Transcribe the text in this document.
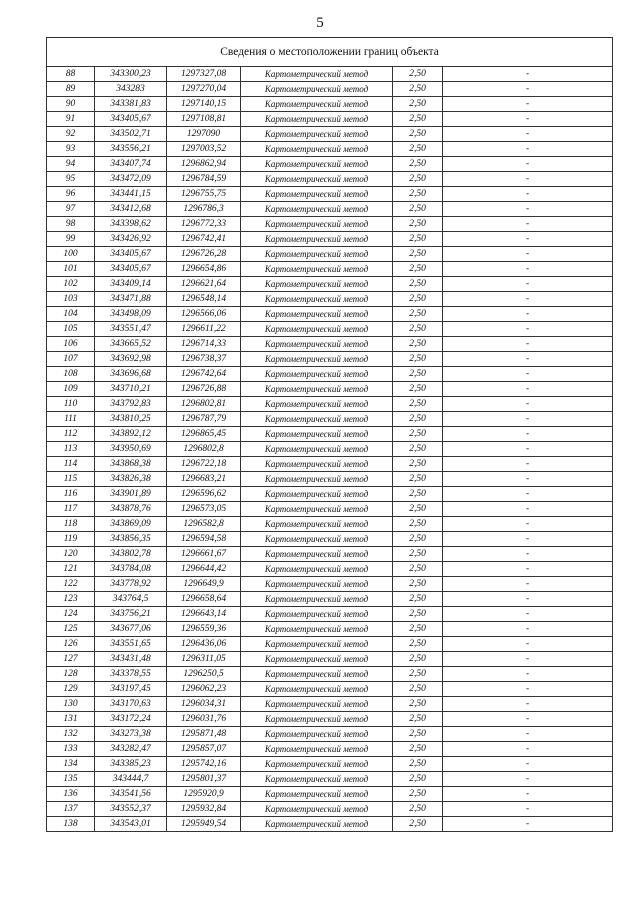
5
Сведения о местоположении границ объекта					
88	343300,23	1297327,08	Картометрический метод	2,50	-
89	343283	1297270,04	Картометрический метод	2,50	-
90	343381,83	1297140,15	Картометрический метод	2,50	-
91	343405,67	1297108,81	Картометрический метод	2,50	-
92	343502,71	1297090	Картометрический метод	2,50	-
93	343556,21	1297003,52	Картометрический метод	2,50	-
94	343407,74	1296862,94	Картометрический метод	2,50	-
95	343472,09	1296784,59	Картометрический метод	2,50	-
96	343441,15	1296755,75	Картометрический метод	2,50	-
97	343412,68	1296786,3	Картометрический метод	2,50	-
98	343398,62	1296772,33	Картометрический метод	2,50	-
99	343426,92	1296742,41	Картометрический метод	2,50	-
100	343405,67	1296726,28	Картометрический метод	2,50	-
101	343405,67	1296654,86	Картометрический метод	2,50	-
102	343409,14	1296621,64	Картометрический метод	2,50	-
103	343471,88	1296548,14	Картометрический метод	2,50	-
104	343498,09	1296566,06	Картометрический метод	2,50	-
105	343551,47	1296611,22	Картометрический метод	2,50	-
106	343665,52	1296714,33	Картометрический метод	2,50	-
107	343692,98	1296738,37	Картометрический метод	2,50	-
108	343696,68	1296742,64	Картометрический метод	2,50	-
109	343710,21	1296726,88	Картометрический метод	2,50	-
110	343792,83	1296802,81	Картометрический метод	2,50	-
111	343810,25	1296787,79	Картометрический метод	2,50	-
112	343892,12	1296865,45	Картометрический метод	2,50	-
113	343950,69	1296802,8	Картометрический метод	2,50	-
114	343868,38	1296722,18	Картометрический метод	2,50	-
115	343826,38	1296683,21	Картометрический метод	2,50	-
116	343901,89	1296596,62	Картометрический метод	2,50	-
117	343878,76	1296573,05	Картометрический метод	2,50	-
118	343869,09	1296582,8	Картометрический метод	2,50	-
119	343856,35	1296594,58	Картометрический метод	2,50	-
120	343802,78	1296661,67	Картометрический метод	2,50	-
121	343784,08	1296644,42	Картометрический метод	2,50	-
122	343778,92	1296649,9	Картометрический метод	2,50	-
123	343764,5	1296658,64	Картометрический метод	2,50	-
124	343756,21	1296643,14	Картометрический метод	2,50	-
125	343677,06	1296559,36	Картометрический метод	2,50	-
126	343551,65	1296436,06	Картометрический метод	2,50	-
127	343431,48	1296311,05	Картометрический метод	2,50	-
128	343378,55	1296250,5	Картометрический метод	2,50	-
129	343197,45	1296062,23	Картометрический метод	2,50	-
130	343170,63	1296034,31	Картометрический метод	2,50	-
131	343172,24	1296031,76	Картометрический метод	2,50	-
132	343273,38	1295871,48	Картометрический метод	2,50	-
133	343282,47	1295857,07	Картометрический метод	2,50	-
134	343385,23	1295742,16	Картометрический метод	2,50	-
135	343444,7	1295801,37	Картометрический метод	2,50	-
136	343541,56	1295920,9	Картометрический метод	2,50	-
137	343552,37	1295932,84	Картометрический метод	2,50	-
138	343543,01	1295949,54	Картометрический метод	2,50	-
